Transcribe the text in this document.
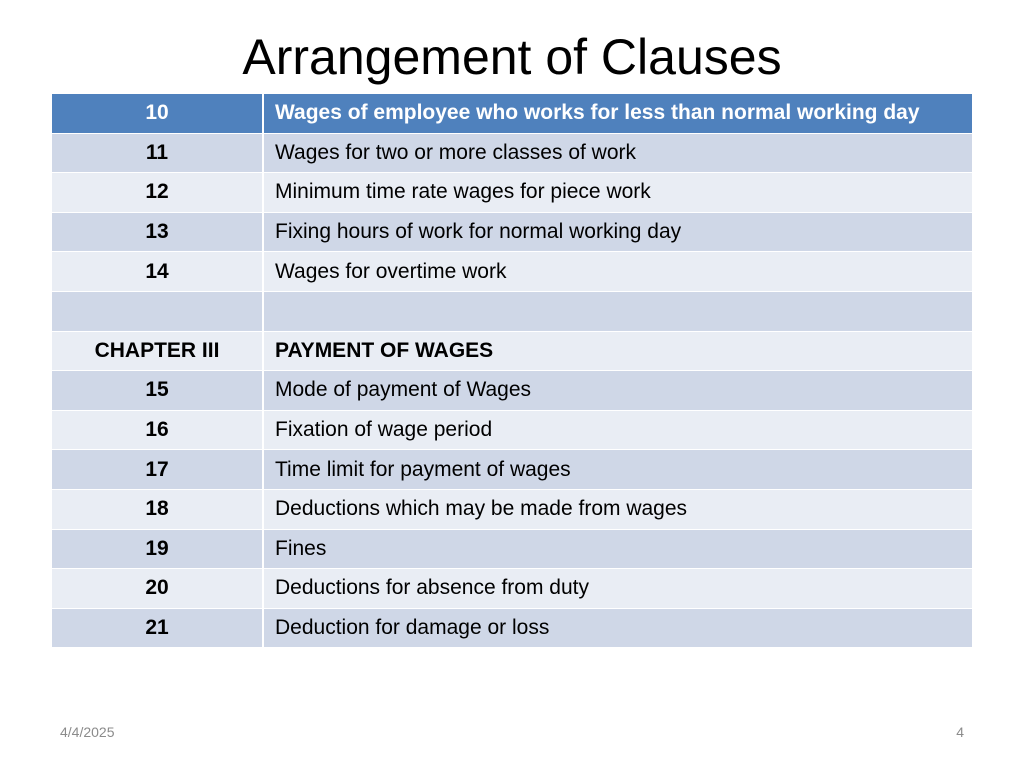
Arrangement of Clauses
10	Wages of employee who works for less than normal working day
11	Wages for two or more classes of work
12	Minimum time rate wages for piece work
13	Fixing hours of work for normal working day
14	Wages for overtime work

CHAPTER III	PAYMENT OF WAGES
15	Mode of payment of Wages
16	Fixation of wage period
17	Time limit for payment of wages
18	Deductions which may be made from wages
19	Fines
20	Deductions for absence from duty
21	Deduction for damage or loss
4/4/2025	4
